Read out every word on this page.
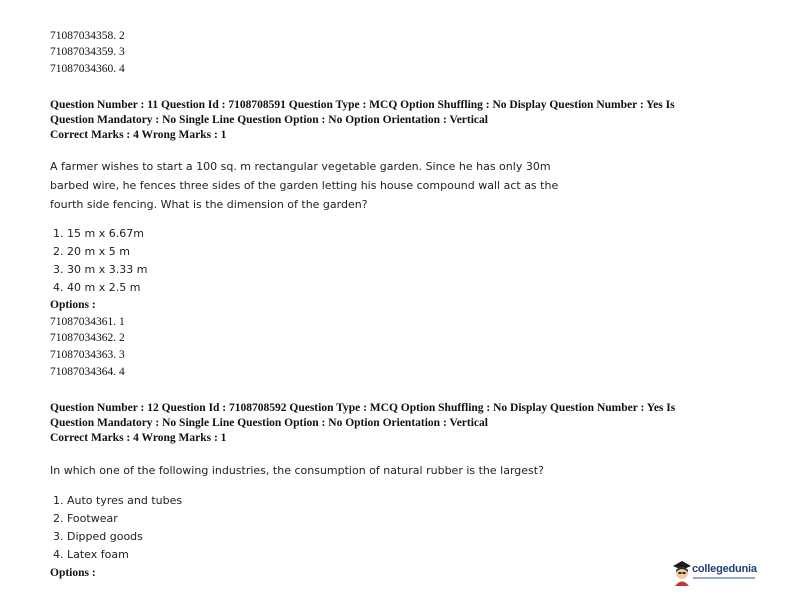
71087034358. 2
71087034359. 3
71087034360. 4
Question Number : 11 Question Id : 7108708591 Question Type : MCQ Option Shuffling : No Display Question Number : Yes Is
Question Mandatory : No Single Line Question Option : No Option Orientation : Vertical
Correct Marks : 4 Wrong Marks : 1
A farmer wishes to start a 100 sq. m rectangular vegetable garden. Since he has only 30m
barbed wire, he fences three sides of the garden letting his house compound wall act as the
fourth side fencing. What is the dimension of the garden?
1. 15 m x 6.67m
2. 20 m x 5 m
3. 30 m x 3.33 m
4. 40 m x 2.5 m
Options :
71087034361. 1
71087034362. 2
71087034363. 3
71087034364. 4
Question Number : 12 Question Id : 7108708592 Question Type : MCQ Option Shuffling : No Display Question Number : Yes Is
Question Mandatory : No Single Line Question Option : No Option Orientation : Vertical
Correct Marks : 4 Wrong Marks : 1
In which one of the following industries, the consumption of natural rubber is the largest?
1. Auto tyres and tubes
2. Footwear
3. Dipped goods
4. Latex foam
Options :	collegedunia
